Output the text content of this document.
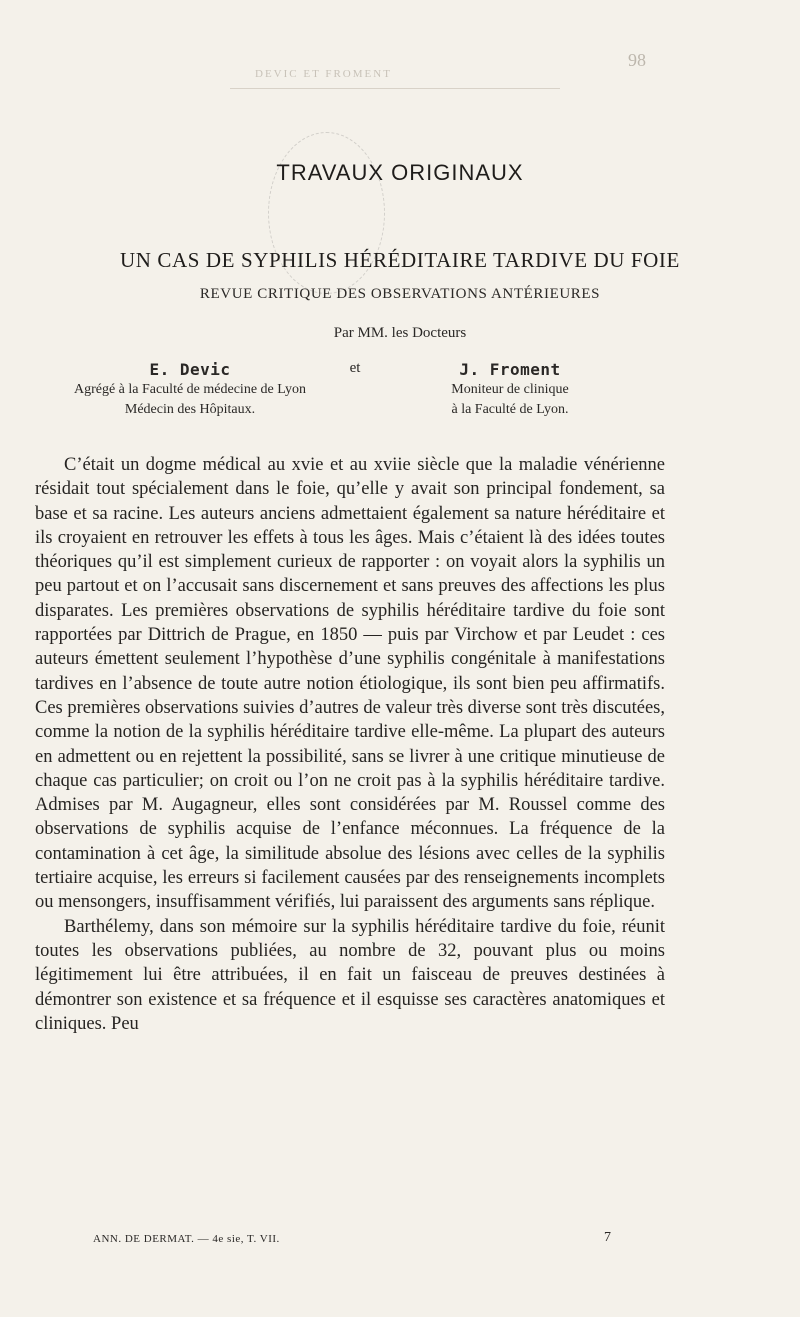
98
DEVIC ET FROMENT
TRAVAUX ORIGINAUX
UN CAS DE SYPHILIS HÉRÉDITAIRE TARDIVE DU FOIE
REVUE CRITIQUE DES OBSERVATIONS ANTÉRIEURES
Par MM. les Docteurs
E. Devic
Agrégé à la Faculté de médecine de Lyon
Médecin des Hôpitaux.
et	J. Froment
Moniteur de clinique
à la Faculté de Lyon.

C’était un dogme médical au xvie et au xviie siècle que la maladie vénérienne résidait tout spécialement dans le foie, qu’elle y avait son principal fondement, sa base et sa racine. Les auteurs anciens admettaient également sa nature héréditaire et ils croyaient en retrouver les effets à tous les âges. Mais c’étaient là des idées toutes théoriques qu’il est simplement curieux de rapporter : on voyait alors la syphilis un peu partout et on l’accusait sans discernement et sans preuves des affections les plus disparates. Les premières observations de syphilis héréditaire tardive du foie sont rapportées par Dittrich de Prague, en 1850 — puis par Virchow et par Leudet : ces auteurs émettent seulement l’hypothèse d’une syphilis congénitale à manifestations tardives en l’absence de toute autre notion étiologique, ils sont bien peu affirmatifs. Ces premières observations suivies d’autres de valeur très diverse sont très discutées, comme la notion de la syphilis héréditaire tardive elle-même. La plupart des auteurs en admettent ou en rejettent la possibilité, sans se livrer à une critique minutieuse de chaque cas particulier; on croit ou l’on ne croit pas à la syphilis héréditaire tardive. Admises par M. Augagneur, elles sont considérées par M. Roussel comme des observations de syphilis acquise de l’enfance méconnues. La fréquence de la contamination à cet âge, la similitude absolue des lésions avec celles de la syphilis tertiaire acquise, les erreurs si facilement causées par des renseignements incomplets ou mensongers, insuffisamment vérifiés, lui paraissent des arguments sans réplique.

Barthélemy, dans son mémoire sur la syphilis héréditaire tardive du foie, réunit toutes les observations publiées, au nombre de 32, pouvant plus ou moins légitimement lui être attribuées, il en fait un faisceau de preuves destinées à démontrer son existence et sa fréquence et il esquisse ses caractères anatomiques et cliniques. Peu

ANN. DE DERMAT. — 4e sie, T. VII.	7
